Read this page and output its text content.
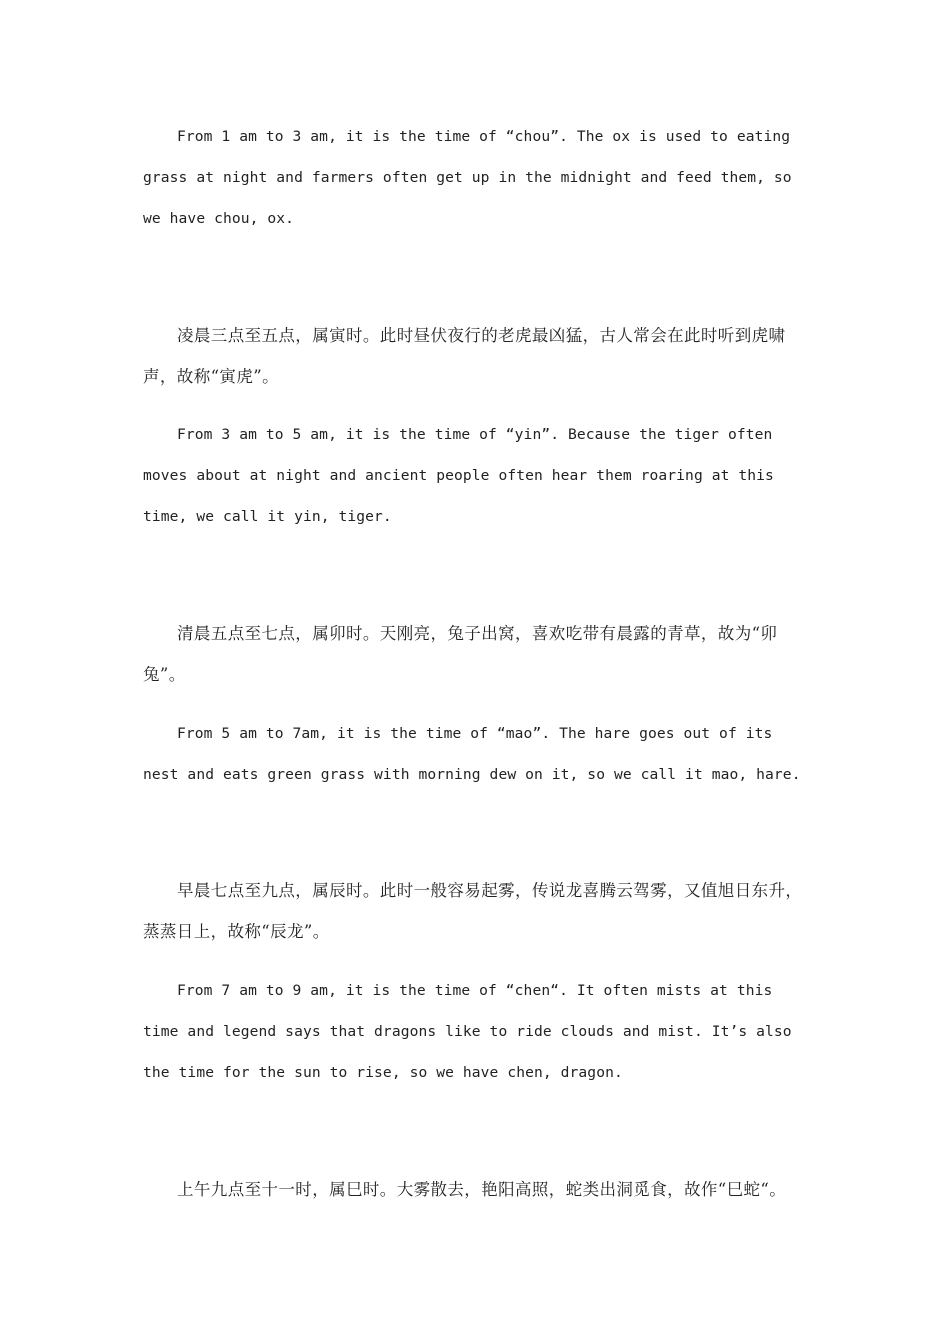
From 1 am to 3 am, it is the time of “chou”. The ox is used to eating grass at night and farmers often get up in the midnight and feed them, so we have chou, ox.

凌晨三点至五点，属寅时。此时昼伏夜行的老虎最凶猛，古人常会在此时听到虎啸声，故称“寅虎”。

From 3 am to 5 am, it is the time of “yin”. Because the tiger often moves about at night and ancient people often hear them roaring at this time, we call it yin, tiger.

清晨五点至七点，属卯时。天刚亮，兔子出窝，喜欢吃带有晨露的青草，故为“卯兔”。

From 5 am to 7am, it is the time of “mao”. The hare goes out of its nest and eats green grass with morning dew on it, so we call it mao, hare.

早晨七点至九点，属辰时。此时一般容易起雾，传说龙喜腾云驾雾，又值旭日东升，蒸蒸日上，故称“辰龙”。

From 7 am to 9 am, it is the time of “chen“. It often mists at this time and legend says that dragons like to ride clouds and mist. It’s also the time for the sun to rise, so we have chen, dragon.

上午九点至十一时，属巳时。大雾散去，艳阳高照，蛇类出洞觅食，故作“巳蛇“。
